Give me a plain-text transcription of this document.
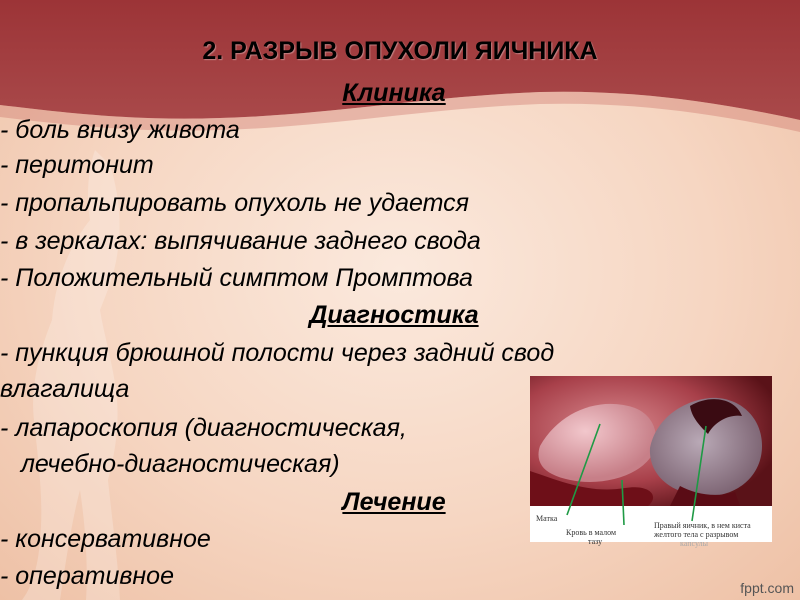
2. РАЗРЫВ ОПУХОЛИ ЯИЧНИКА
Клиника
- боль внизу живота
- перитонит
- пропальпировать опухоль не удается
- в зеркалах: выпячивание заднего свода
- Положительный симптом Промптова
Диагностика
- пункция брюшной полости через задний свод
влагалища
- лапароскопия (диагностическая,
лечебно-диагностическая)
Лечение
- консервативное
- оперативное
Матка
Кровь в малом
тазу
Правый яичник, в нем киста
желтого тела с разрывом
капсулы
fppt.com
